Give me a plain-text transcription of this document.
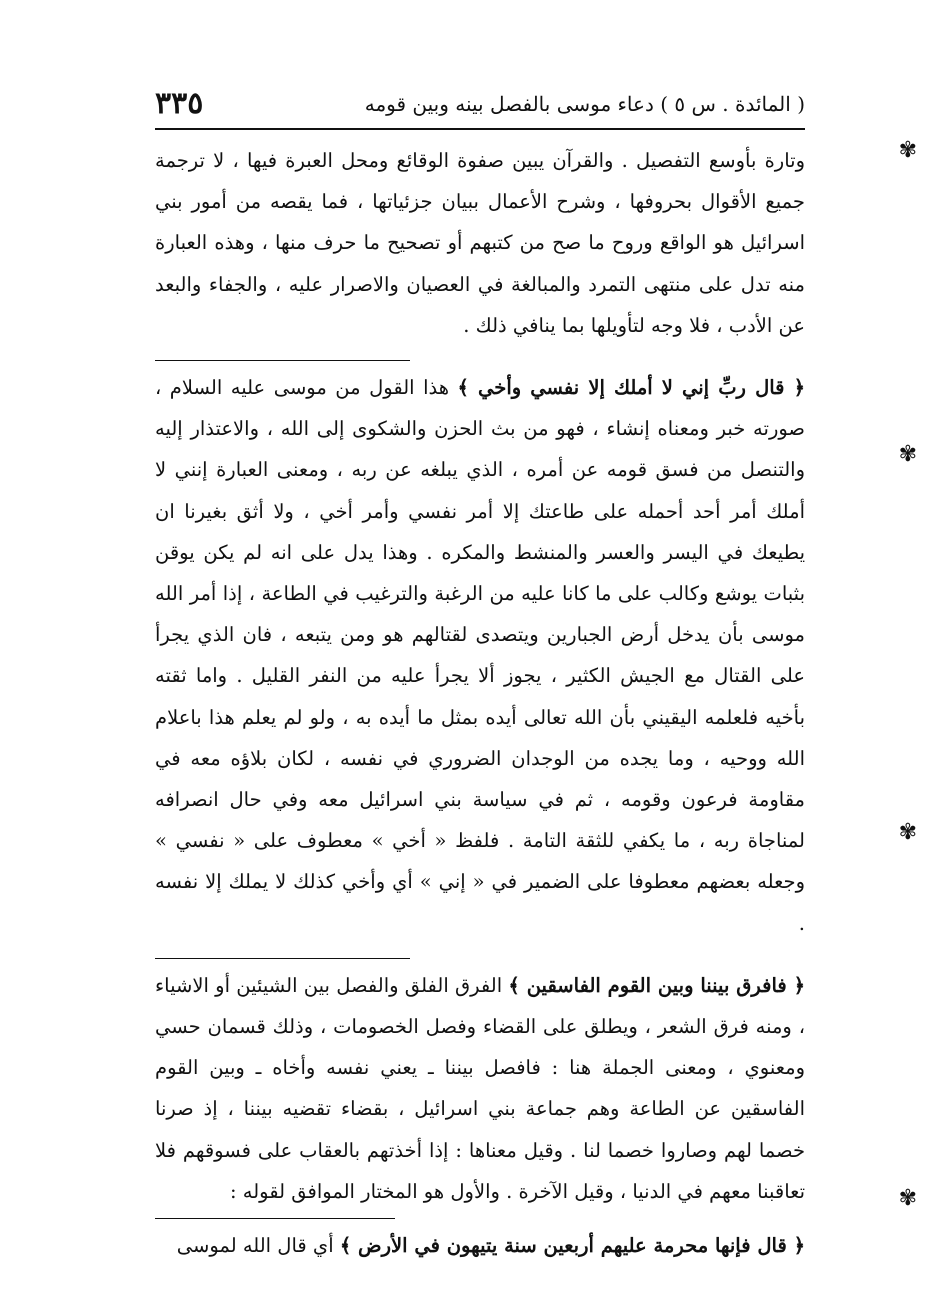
✾
✾
✾
✾
( المائدة . س ٥ ) دعاء موسى بالفصل بينه وبين قومه
٣٣٥

وتارة بأوسع التفصيل . والقرآن يبين صفوة الوقائع ومحل العبرة فيها ، لا ترجمة جميع الأقوال بحروفها ، وشرح الأعمال ببيان جزئياتها ، فما يقصه من أمور بني اسرائيل هو الواقع وروح ما صح من كتبهم أو تصحيح ما حرف منها ، وهذه العبارة منه تدل على منتهى التمرد والمبالغة في العصيان والاصرار عليه ، والجفاء والبعد عن الأدب ، فلا وجه لتأويلها بما ينافي ذلك .

﴿ قال ربِّ إني لا أملك إلا نفسي وأخي ﴾ هذا القول من موسى عليه السلام ، صورته خبر ومعناه إنشاء ، فهو من بث الحزن والشكوى إلى الله ، والاعتذار إليه والتنصل من فسق قومه عن أمره ، الذي يبلغه عن ربه ، ومعنى العبارة إنني لا أملك أمر أحد أحمله على طاعتك إلا أمر نفسي وأمر أخي ، ولا أثق بغيرنا ان يطيعك في اليسر والعسر والمنشط والمكره . وهذا يدل على انه لم يكن يوقن بثبات يوشع وكالب على ما كانا عليه من الرغبة والترغيب في الطاعة ، إذا أمر الله موسى بأن يدخل أرض الجبارين ويتصدى لقتالهم هو ومن يتبعه ، فان الذي يجرأ على القتال مع الجيش الكثير ، يجوز ألا يجرأ عليه من النفر القليل . واما ثقته بأخيه فلعلمه اليقيني بأن الله تعالى أيده بمثل ما أيده به ، ولو لم يعلم هذا باعلام الله ووحيه ، وما يجده من الوجدان الضروري في نفسه ، لكان بلاؤه معه في مقاومة فرعون وقومه ، ثم في سياسة بني اسرائيل معه وفي حال انصرافه لمناجاة ربه ، ما يكفي للثقة التامة . فلفظ « أخي » معطوف على « نفسي » وجعله بعضهم معطوفا على الضمير في « إني » أي وأخي كذلك لا يملك إلا نفسه .

﴿ فافرق بيننا وبين القوم الفاسقين ﴾ الفرق الفلق والفصل بين الشيئين أو الاشياء ، ومنه فرق الشعر ، ويطلق على القضاء وفصل الخصومات ، وذلك قسمان حسي ومعنوي ، ومعنى الجملة هنا : فافصل بيننا ـ يعني نفسه وأخاه ـ وبين القوم الفاسقين عن الطاعة وهم جماعة بني اسرائيل ، بقضاء تقضيه بيننا ، إذ صرنا خصما لهم وصاروا خصما لنا . وقيل معناها : إذا أخذتهم بالعقاب على فسوقهم فلا تعاقبنا معهم في الدنيا ، وقيل الآخرة . والأول هو المختار الموافق لقوله :

﴿ قال فإنها محرمة عليهم أربعين سنة يتيهون في الأرض ﴾ أي قال الله لموسى
